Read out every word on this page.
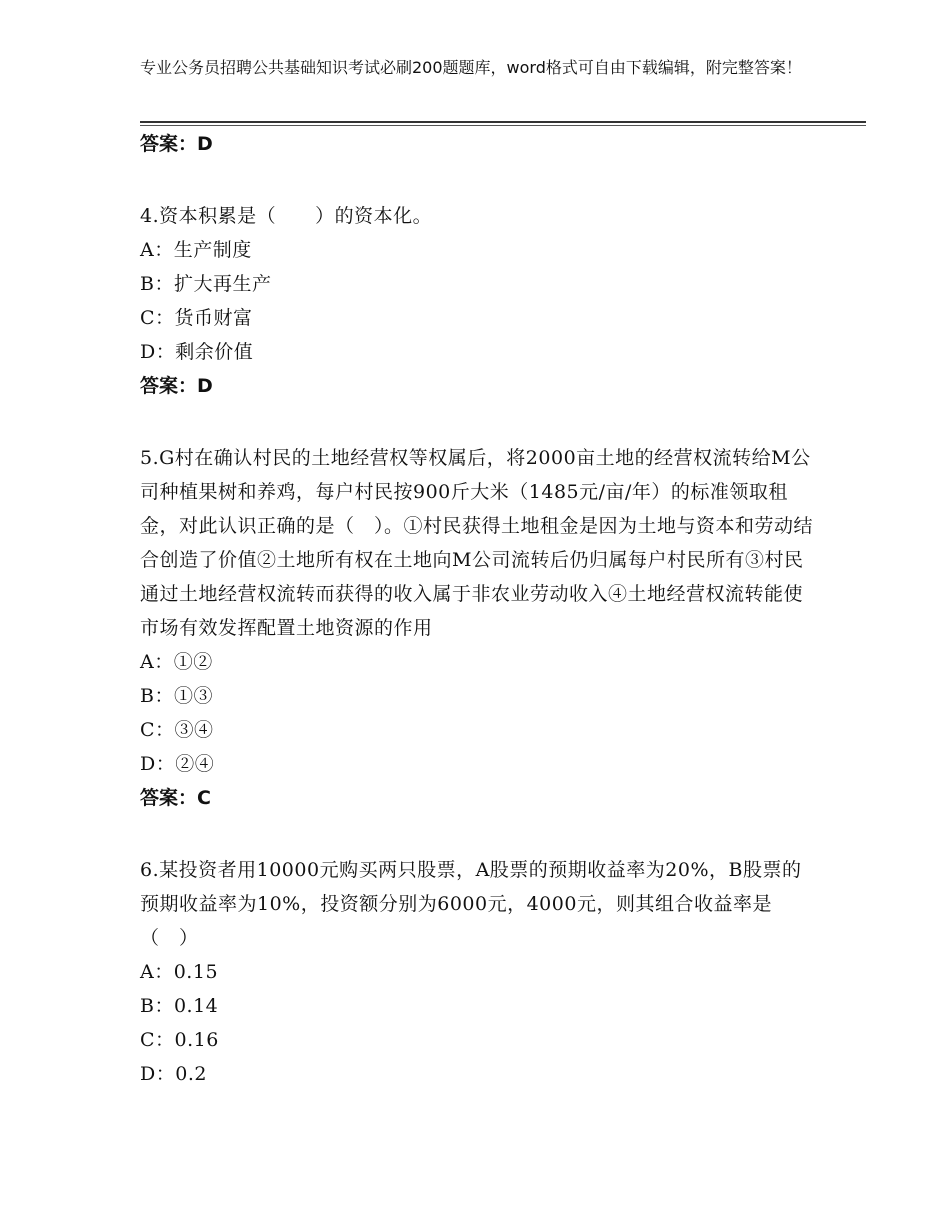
专业公务员招聘公共基础知识考试必刷200题题库，word格式可自由下载编辑，附完整答案！

答案：D

4.资本积累是（　　）的资本化。

A：生产制度

B：扩大再生产

C：货币财富

D：剩余价值

答案：D

5.G村在确认村民的土地经营权等权属后，将2000亩土地的经营权流转给M公司种植果树和养鸡，每户村民按900斤大米（1485元/亩/年）的标准领取租金，对此认识正确的是（　）。①村民获得土地租金是因为土地与资本和劳动结合创造了价值②土地所有权在土地向M公司流转后仍归属每户村民所有③村民通过土地经营权流转而获得的收入属于非农业劳动收入④土地经营权流转能使市场有效发挥配置土地资源的作用

A：①②

B：①③

C：③④

D：②④

答案：C

6.某投资者用10000元购买两只股票，A股票的预期收益率为20%，B股票的预期收益率为10%，投资额分别为6000元，4000元，则其组合收益率是（　）

A：0.15

B：0.14

C：0.16

D：0.2
